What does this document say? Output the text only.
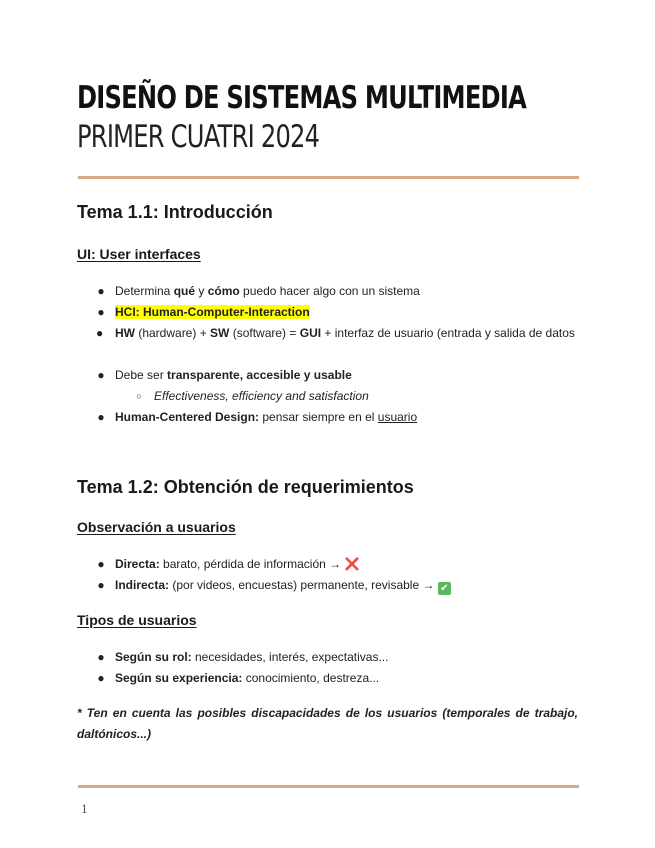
DISEÑO DE SISTEMAS MULTIMEDIA
PRIMER CUATRI 2024
Tema 1.1: Introducción
UI: User interfaces
● Determina qué y cómo puedo hacer algo con un sistema
● HCI: Human-Computer-Interaction
● HW (hardware) + SW (software) = GUI + interfaz de usuario (entrada y salida de datos
● Debe ser transparente, accesible y usable
○ Effectiveness, efficiency and satisfaction
● Human-Centered Design: pensar siempre en el usuario
Tema 1.2: Obtención de requerimientos
Observación a usuarios
● Directa: barato, pérdida de información → ❌
● Indirecta: (por videos, encuestas) permanente, revisable → ✔
Tipos de usuarios
● Según su rol: necesidades, interés, expectativas...
● Según su experiencia: conocimiento, destreza...
* Ten en cuenta las posibles discapacidades de los usuarios (temporales de trabajo, daltónicos...)
1
